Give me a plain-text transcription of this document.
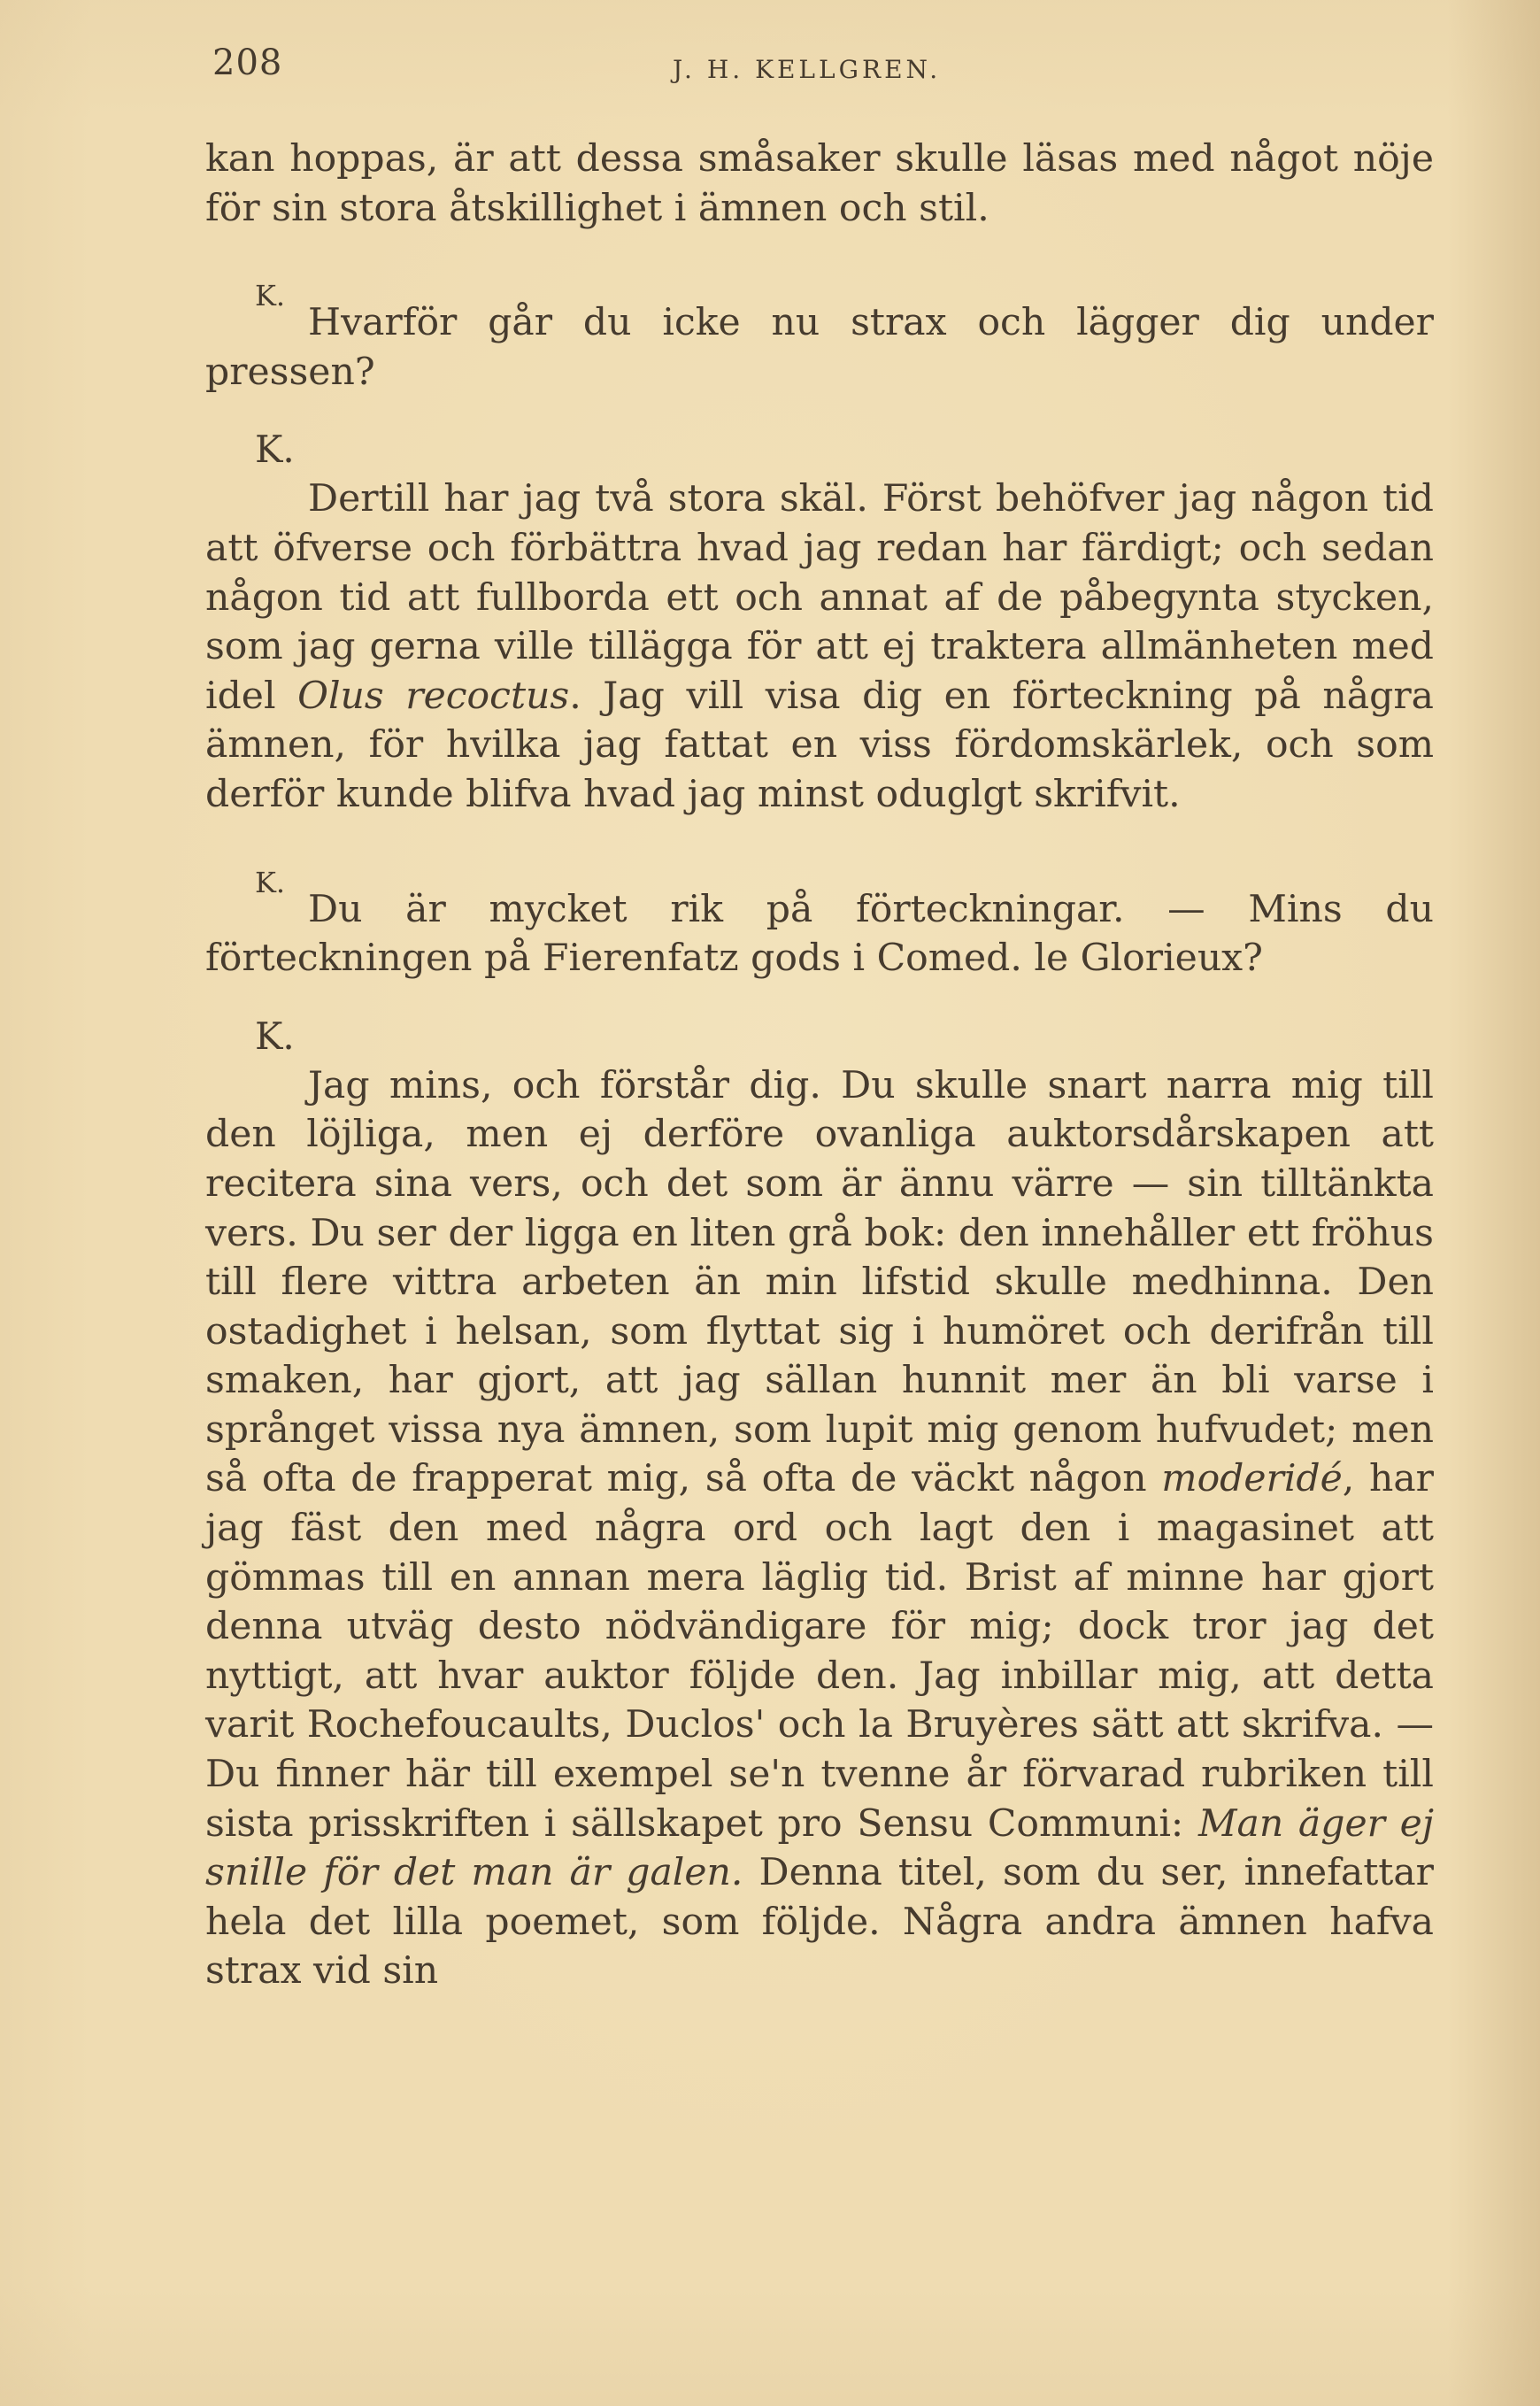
208	J. H. KELLGREN.

kan hoppas, är att dessa småsaker skulle läsas med något nöje för sin stora åtskillighet i ämnen och stil.

K.

Hvarför går du icke nu strax och lägger dig under pressen?

K.

Dertill har jag två stora skäl. Först behöfver jag någon tid att öfverse och förbättra hvad jag redan har färdigt; och sedan någon tid att fullborda ett och annat af de påbegynta stycken, som jag gerna ville tillägga för att ej traktera allmänheten med idel Olus recoctus. Jag vill visa dig en förteckning på några ämnen, för hvilka jag fattat en viss fördomskärlek, och som derför kunde blifva hvad jag minst oduglgt skrifvit.

K.

Du är mycket rik på förteckningar. — Mins du förteckningen på Fierenfatz gods i Comed. le Glorieux?

K.

Jag mins, och förstår dig. Du skulle snart narra mig till den löjliga, men ej derföre ovanliga auktorsdårskapen att recitera sina vers, och det som är ännu värre — sin tilltänkta vers. Du ser der ligga en liten grå bok: den innehåller ett fröhus till flere vittra arbeten än min lifstid skulle medhinna. Den ostadighet i helsan, som flyttat sig i humöret och derifrån till smaken, har gjort, att jag sällan hunnit mer än bli varse i språnget vissa nya ämnen, som lupit mig genom hufvudet; men så ofta de frapperat mig, så ofta de väckt någon moderidé, har jag fäst den med några ord och lagt den i magasinet att gömmas till en annan mera läglig tid. Brist af minne har gjort denna utväg desto nödvändigare för mig; dock tror jag det nyttigt, att hvar auktor följde den. Jag inbillar mig, att detta varit Rochefoucaults, Duclos' och la Bruyères sätt att skrifva. — Du finner här till exempel se'n tvenne år förvarad rubriken till sista prisskriften i sällskapet pro Sensu Communi: Man äger ej snille för det man är galen. Denna titel, som du ser, innefattar hela det lilla poemet, som följde. Några andra ämnen hafva strax vid sin
